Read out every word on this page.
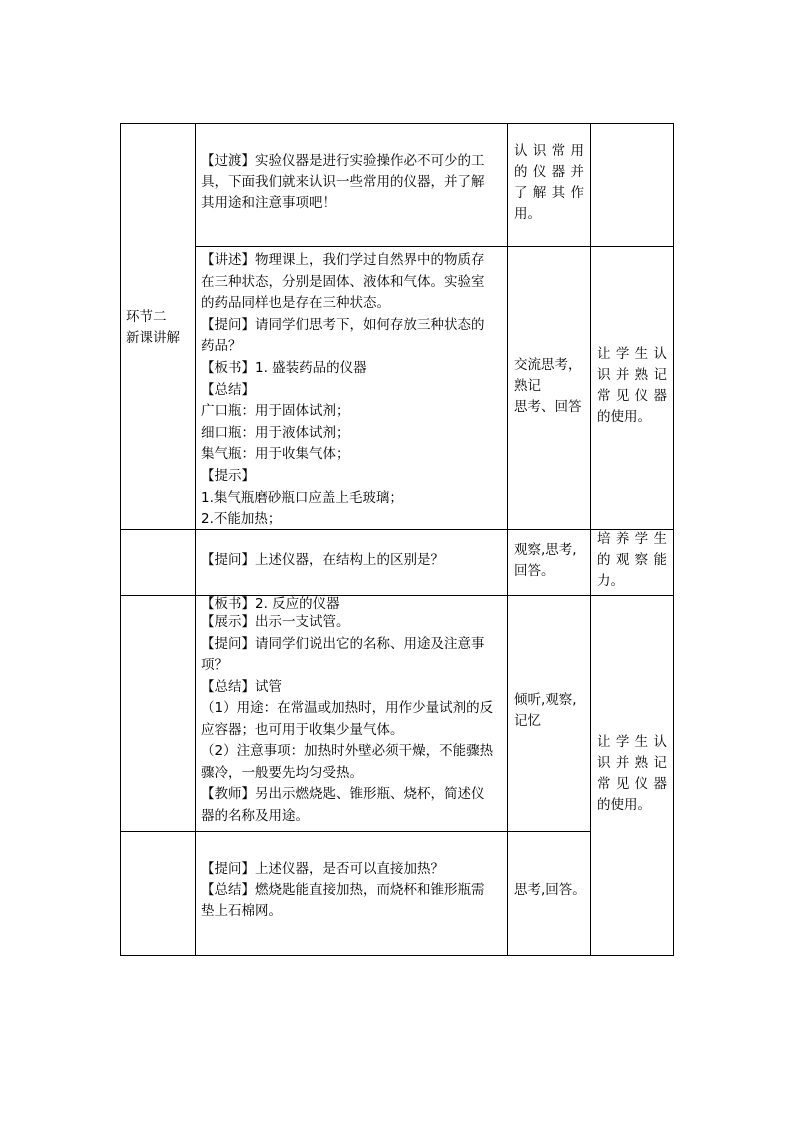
环节二
新课讲解
【过渡】实验仪器是进行实验操作必不可少的工
具，下面我们就来认识一些常用的仪器，并了解
其用途和注意事项吧！
认识常用
的仪器并
了解其作
用。
【讲述】物理课上，我们学过自然界中的物质存
在三种状态，分别是固体、液体和气体。实验室
的药品同样也是存在三种状态。
【提问】请同学们思考下，如何存放三种状态的
药品？
【板书】1. 盛装药品的仪器
【总结】
广口瓶：用于固体试剂；
细口瓶：用于液体试剂；
集气瓶：用于收集气体；
【提示】
1.集气瓶磨砂瓶口应盖上毛玻璃；
2.不能加热；
交流思考，
熟记
思考、回答
让学生认
识并熟记
常见仪器
的使用。
【提问】上述仪器，在结构上的区别是？
观察,思考,
回答。
培养学生
的观察能
力。
【板书】2. 反应的仪器
【展示】出示一支试管。
【提问】请同学们说出它的名称、用途及注意事
项？
【总结】试管
（1）用途：在常温或加热时，用作少量试剂的反
应容器；也可用于收集少量气体。
（2）注意事项：加热时外壁必须干燥，不能骤热
骤冷，一般要先均匀受热。
【教师】另出示燃烧匙、锥形瓶、烧杯，简述仪
器的名称及用途。
倾听,观察,
记忆
让学生认
识并熟记
常见仪器
的使用。
【提问】上述仪器，是否可以直接加热？
【总结】燃烧匙能直接加热，而烧杯和锥形瓶需
垫上石棉网。
思考,回答。
